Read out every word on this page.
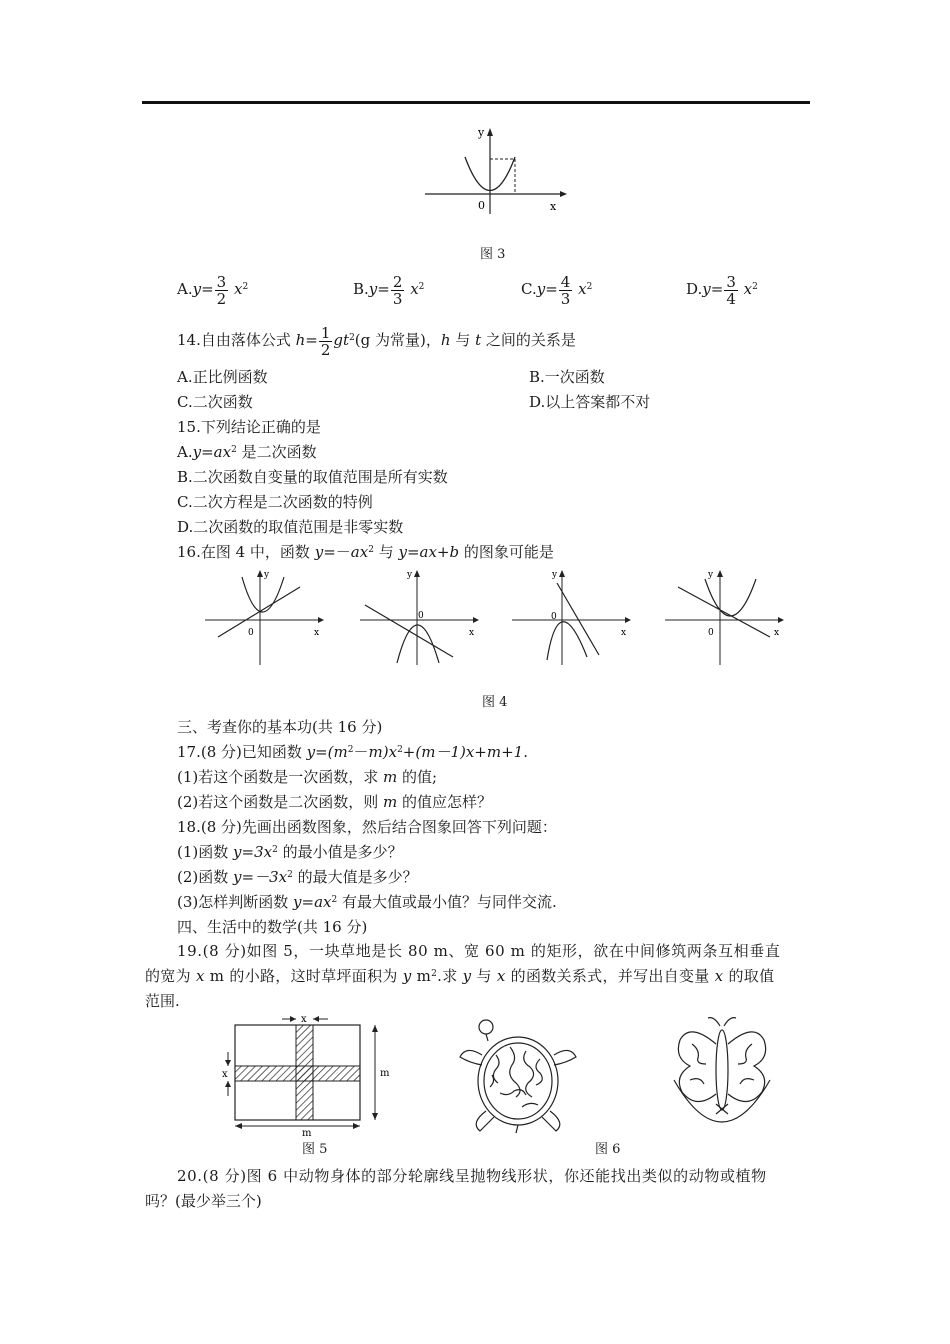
y
x
0
图 3
$A.y= \frac{3}{2} x^2$	$B.y= \frac{2}{3} x^2$	$C.y= \frac{4}{3} x^2$	$D.y= \frac{3}{4} x^2$
14.自由落体公式 $h= \frac{1}{2} gt^2(g$ 为常量)，h 与 t 之间的关系是
A.正比例函数	B.一次函数
C.二次函数	D.以上答案都不对
15.下列结论正确的是
$A.y=ax^2$ 是二次函数
B.二次函数自变量的取值范围是所有实数
C.二次方程是二次函数的特例
D.二次函数的取值范围是非零实数
16.在图 4 中，函数 $y=-ax^2$ 与 y=ax+b 的图象可能是
y
x
0
y
x
0
y
x
0
y
x
0
图 4
三、考查你的基本功(共 16 分)
17.(8 分)已知函数 $y=(m^2-m)x^2+(m-1)x+m+1$.
(1)若这个函数是一次函数，求 m 的值;
(2)若这个函数是二次函数，则 m 的值应怎样？
18.(8 分)先画出函数图象，然后结合图象回答下列问题：
(1)函数 $y=3x^2$ 的最小值是多少？
(2)函数 $y=-3x^2$ 的最大值是多少？
(3)怎样判断函数 $y=ax^2$ 有最大值或最小值？与同伴交流.
四、生活中的数学(共 16 分)
19.(8 分)如图 5，一块草地是长 80 m、宽 60 m 的矩形，欲在中间修筑两条互相垂直
的宽为 x m 的小路，这时草坪面积为 y $m^2$.求 y 与 x 的函数关系式，并写出自变量 x 的取值
范围.
x
x	m
m
图 5	图 6
20.(8 分)图 6 中动物身体的部分轮廓线呈抛物线形状，你还能找出类似的动物或植物
吗？(最少举三个)
